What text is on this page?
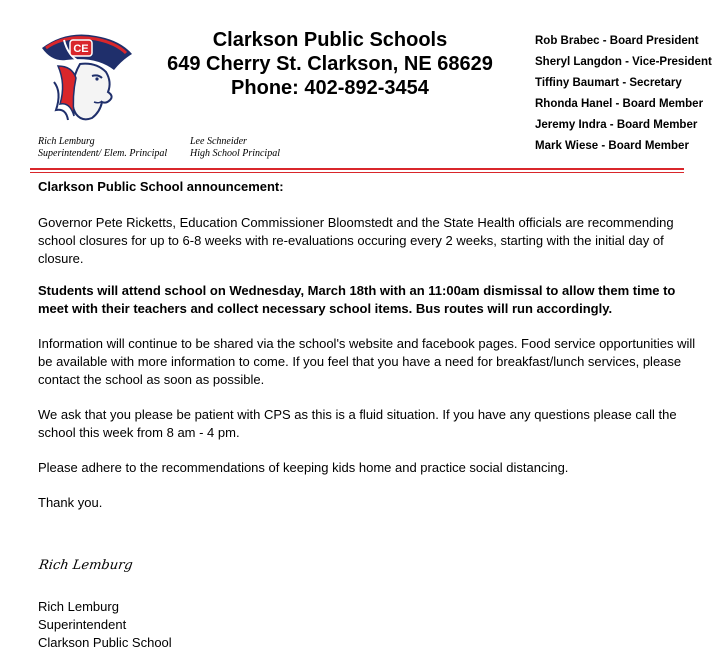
CE	Clarkson Public Schools
649 Cherry St. Clarkson, NE 68629
Phone: 402-892-3454
Rob Brabec - Board President
Sheryl Langdon - Vice-President
Tiffiny Baumart - Secretary
Rhonda Hanel - Board Member
Jeremy Indra - Board Member
Mark Wiese - Board Member
Rich Lemburg
Superintendent/ Elem. Principal
Lee Schneider
High School Principal

Clarkson Public School announcement:

Governor Pete Ricketts, Education Commissioner Bloomstedt and the State Health officials are recommending school closures for up to 6-8 weeks with re-evaluations occuring every 2 weeks, starting with the initial day of closure.

Students will attend school on Wednesday, March 18th with an 11:00am dismissal to allow them time to meet with their teachers and collect necessary school items. Bus routes will run accordingly.

Information will continue to be shared via the school's website and facebook pages. Food service opportunities will be available with more information to come. If you feel that you have a need for breakfast/lunch services, please contact the school as soon as possible.

We ask that you please be patient with CPS as this is a fluid situation. If you have any questions please call the school this week from 8 am - 4 pm.

Please adhere to the recommendations of keeping kids home and practice social distancing.

Thank you.

Rich Lemburg
Rich Lemburg
Superintendent
Clarkson Public School
